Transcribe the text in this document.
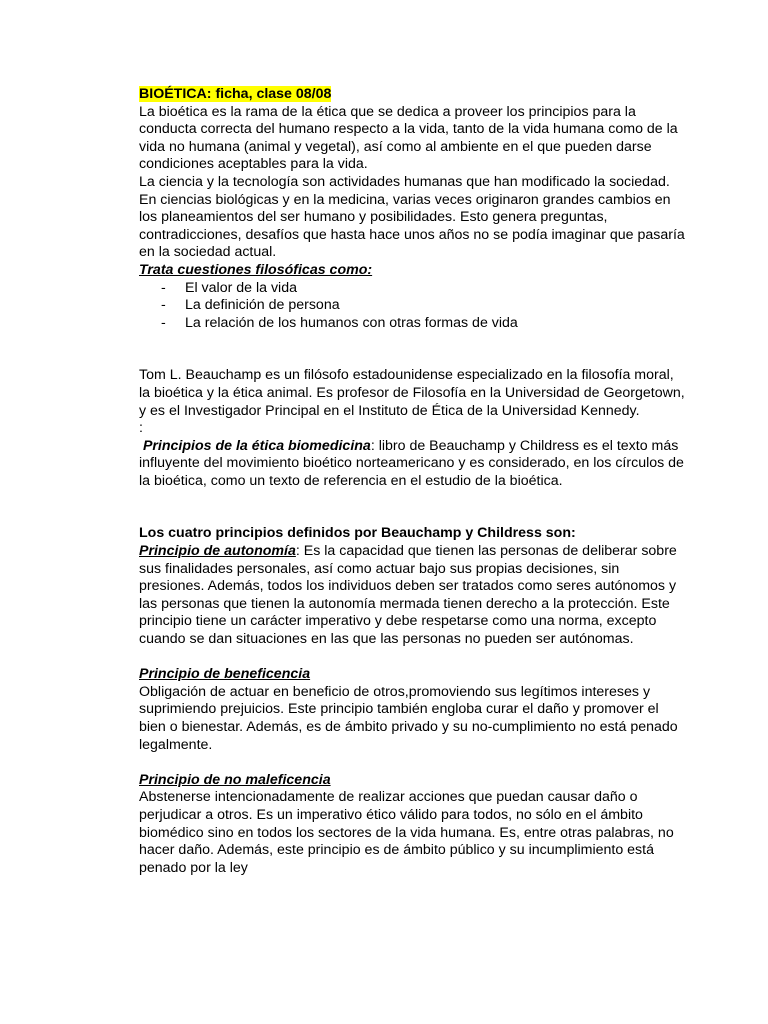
BIOÉTICA: ficha, clase 08/08

La bioética es la rama de la ética que se dedica a proveer los principios para la conducta correcta del humano respecto a la vida, tanto de la vida humana como de la vida no humana (animal y vegetal), así como al ambiente en el que pueden darse condiciones aceptables para la vida.

La ciencia y la tecnología son actividades humanas que han modificado la sociedad. En ciencias biológicas y en la medicina, varias veces originaron grandes cambios en los planeamientos del ser humano y posibilidades. Esto genera preguntas, contradicciones, desafíos que hasta hace unos años no se podía imaginar que pasaría en la sociedad actual.

Trata cuestiones filosóficas como:

- El valor de la vida
- La definición de persona
- La relación de los humanos con otras formas de vida

Tom L. Beauchamp es un filósofo estadounidense especializado en la filosofía moral, la bioética y la ética animal. Es profesor de Filosofía en la Universidad de Georgetown, y es el Investigador Principal en el Instituto de Ética de la Universidad Kennedy.

:

Principios de la ética biomedicina: libro de Beauchamp y Childress es el texto más influyente del movimiento bioético norteamericano y es considerado, en los círculos de la bioética, como un texto de referencia en el estudio de la bioética.

Los cuatro principios definidos por Beauchamp y Childress son:

Principio de autonomía: Es la capacidad que tienen las personas de deliberar sobre sus finalidades personales, así como actuar bajo sus propias decisiones, sin presiones. Además, todos los individuos deben ser tratados como seres autónomos y las personas que tienen la autonomía mermada tienen derecho a la protección. Este principio tiene un carácter imperativo y debe respetarse como una norma, excepto cuando se dan situaciones en las que las personas no pueden ser autónomas.

Principio de beneficencia

Obligación de actuar en beneficio de otros,promoviendo sus legítimos intereses y suprimiendo prejuicios. Este principio también engloba curar el daño y promover el bien o bienestar. Además, es de ámbito privado y su no-cumplimiento no está penado legalmente.

Principio de no maleficencia

Abstenerse intencionadamente de realizar acciones que puedan causar daño o perjudicar a otros. Es un imperativo ético válido para todos, no sólo en el ámbito biomédico sino en todos los sectores de la vida humana. Es, entre otras palabras, no hacer daño. Además, este principio es de ámbito público y su incumplimiento está penado por la ley
